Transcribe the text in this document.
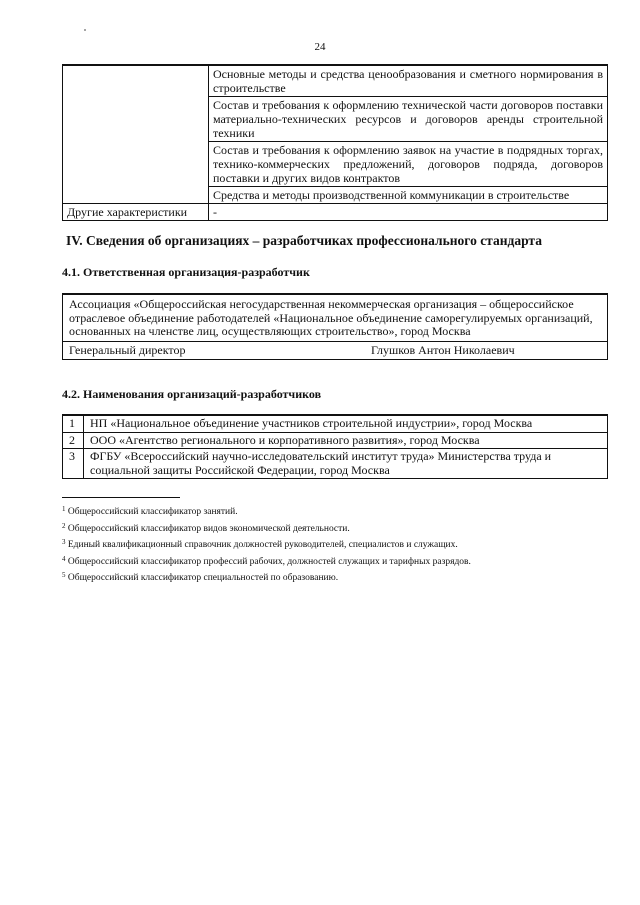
24
	Основные методы и средства ценообразования и сметного нормирования в строительстве
	Состав и требования к оформлению технической части договоров поставки материально-технических ресурсов и договоров аренды строительной техники
	Состав и требования к оформлению заявок на участие в подрядных торгах, технико-коммерческих предложений, договоров подряда, договоров поставки и других видов контрактов
	Средства и методы производственной коммуникации в строительстве
Другие характеристики	-
IV. Сведения об организациях – разработчиках профессионального стандарта
4.1. Ответственная организация-разработчик
Ассоциация «Общероссийская негосударственная некоммерческая организация – общероссийское отраслевое объединение работодателей «Национальное объединение саморегулируемых организаций, основанных на членстве лиц, осуществляющих строительство», город Москва
Генеральный директор	Глушков Антон Николаевич
4.2. Наименования организаций-разработчиков
1	НП «Национальное объединение участников строительной индустрии», город Москва
2	ООО «Агентство регионального и корпоративного развития», город Москва
3	ФГБУ «Всероссийский научно-исследовательский институт труда» Министерства труда и социальной защиты Российской Федерации, город Москва
$^1$ Общероссийский классификатор занятий.
$^2$ Общероссийский классификатор видов экономической деятельности.
$^3$ Единый квалификационный справочник должностей руководителей, специалистов и служащих.
$^4$ Общероссийский классификатор профессий рабочих, должностей служащих и тарифных разрядов.
$^5$ Общероссийский классификатор специальностей по образованию.
